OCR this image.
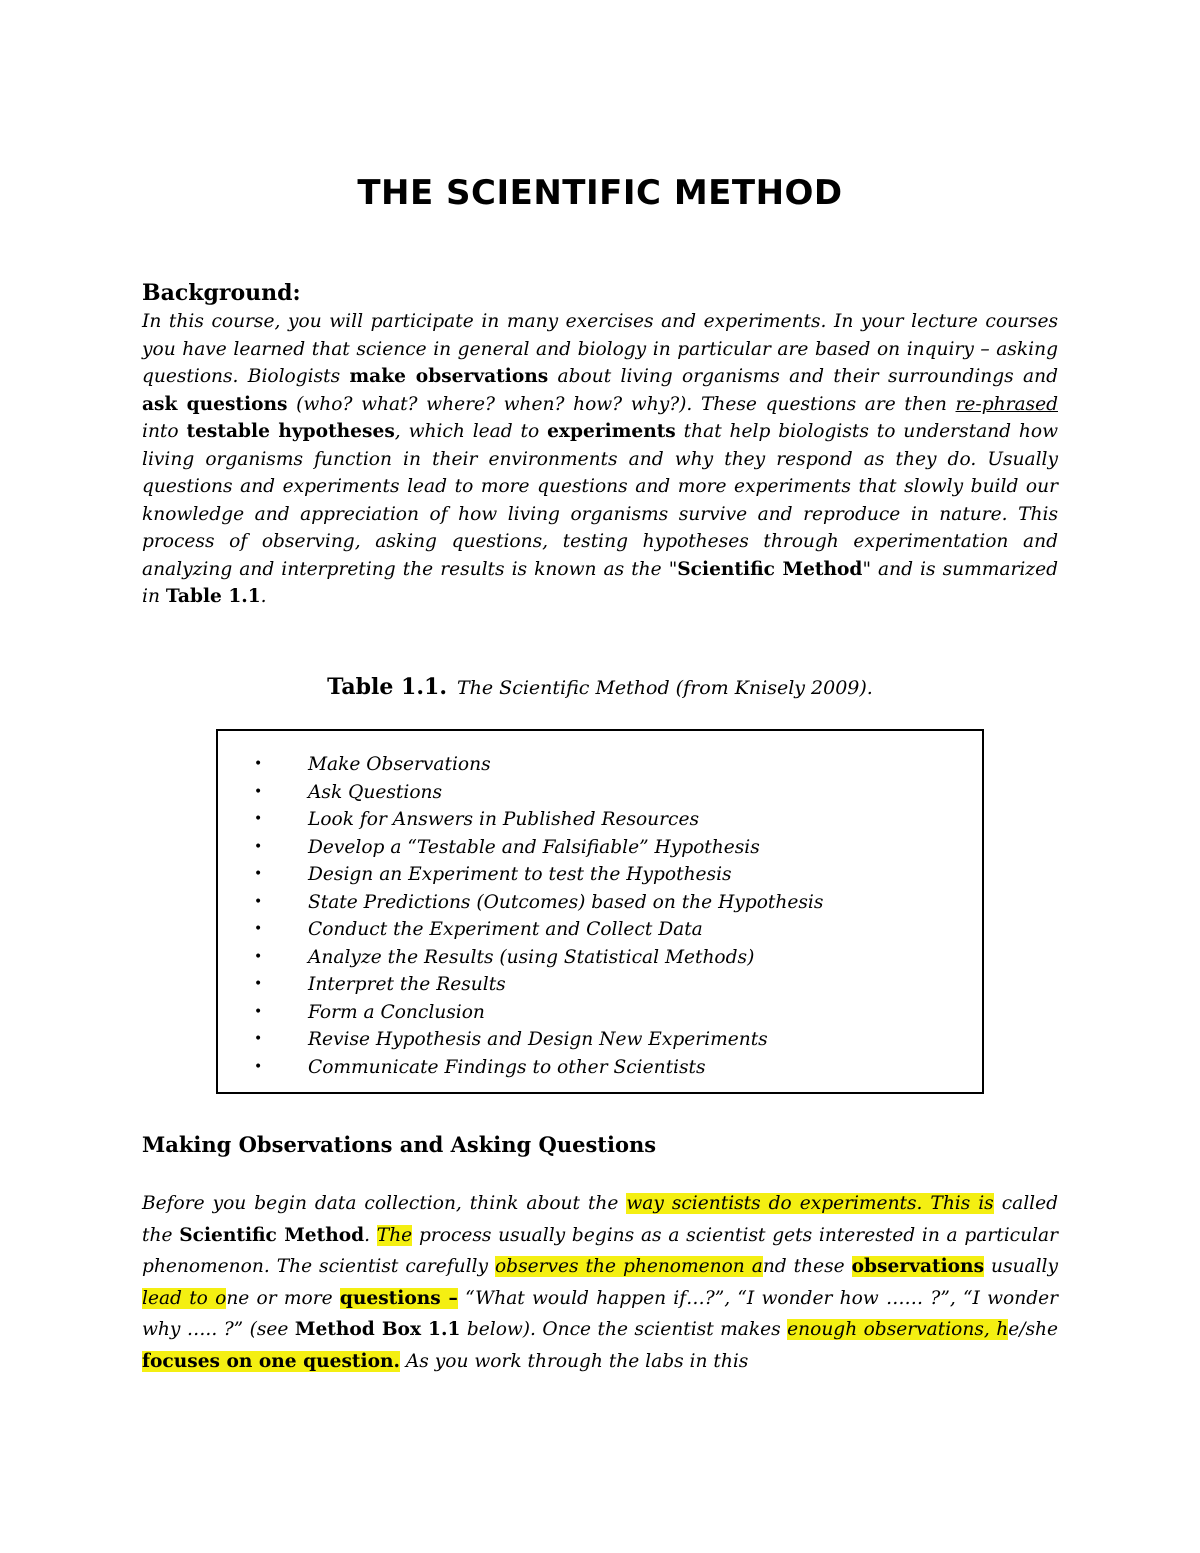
THE SCIENTIFIC METHOD
Background:
In this course, you will participate in many exercises and experiments. In your lecture courses you have learned that science in general and biology in particular are based on inquiry – asking questions. Biologists make observations about living organisms and their surroundings and ask questions (who? what? where? when? how? why?). These questions are then re-phrased into testable hypotheses, which lead to experiments that help biologists to understand how living organisms function in their environments and why they respond as they do. Usually questions and experiments lead to more questions and more experiments that slowly build our knowledge and appreciation of how living organisms survive and reproduce in nature. This process of observing, asking questions, testing hypotheses through experimentation and analyzing and interpreting the results is known as the "Scientific Method" and is summarized in Table 1.1.
Table 1.1. The Scientific Method (from Knisely 2009).
• Make Observations
• Ask Questions
• Look for Answers in Published Resources
• Develop a “Testable and Falsifiable” Hypothesis
• Design an Experiment to test the Hypothesis
• State Predictions (Outcomes) based on the Hypothesis
• Conduct the Experiment and Collect Data
• Analyze the Results (using Statistical Methods)
• Interpret the Results
• Form a Conclusion
• Revise Hypothesis and Design New Experiments
• Communicate Findings to other Scientists
Making Observations and Asking Questions
Before you begin data collection, think about the way scientists do experiments. This is called the Scientific Method. The process usually begins as a scientist gets interested in a particular phenomenon. The scientist carefully observes the phenomenon and these observations usually lead to one or more questions – “What would happen if…?”, “I wonder how …… ?”, “I wonder why ….. ?” (see Method Box 1.1 below). Once the scientist makes enough observations, he/she focuses on one question. As you work through the labs in this
